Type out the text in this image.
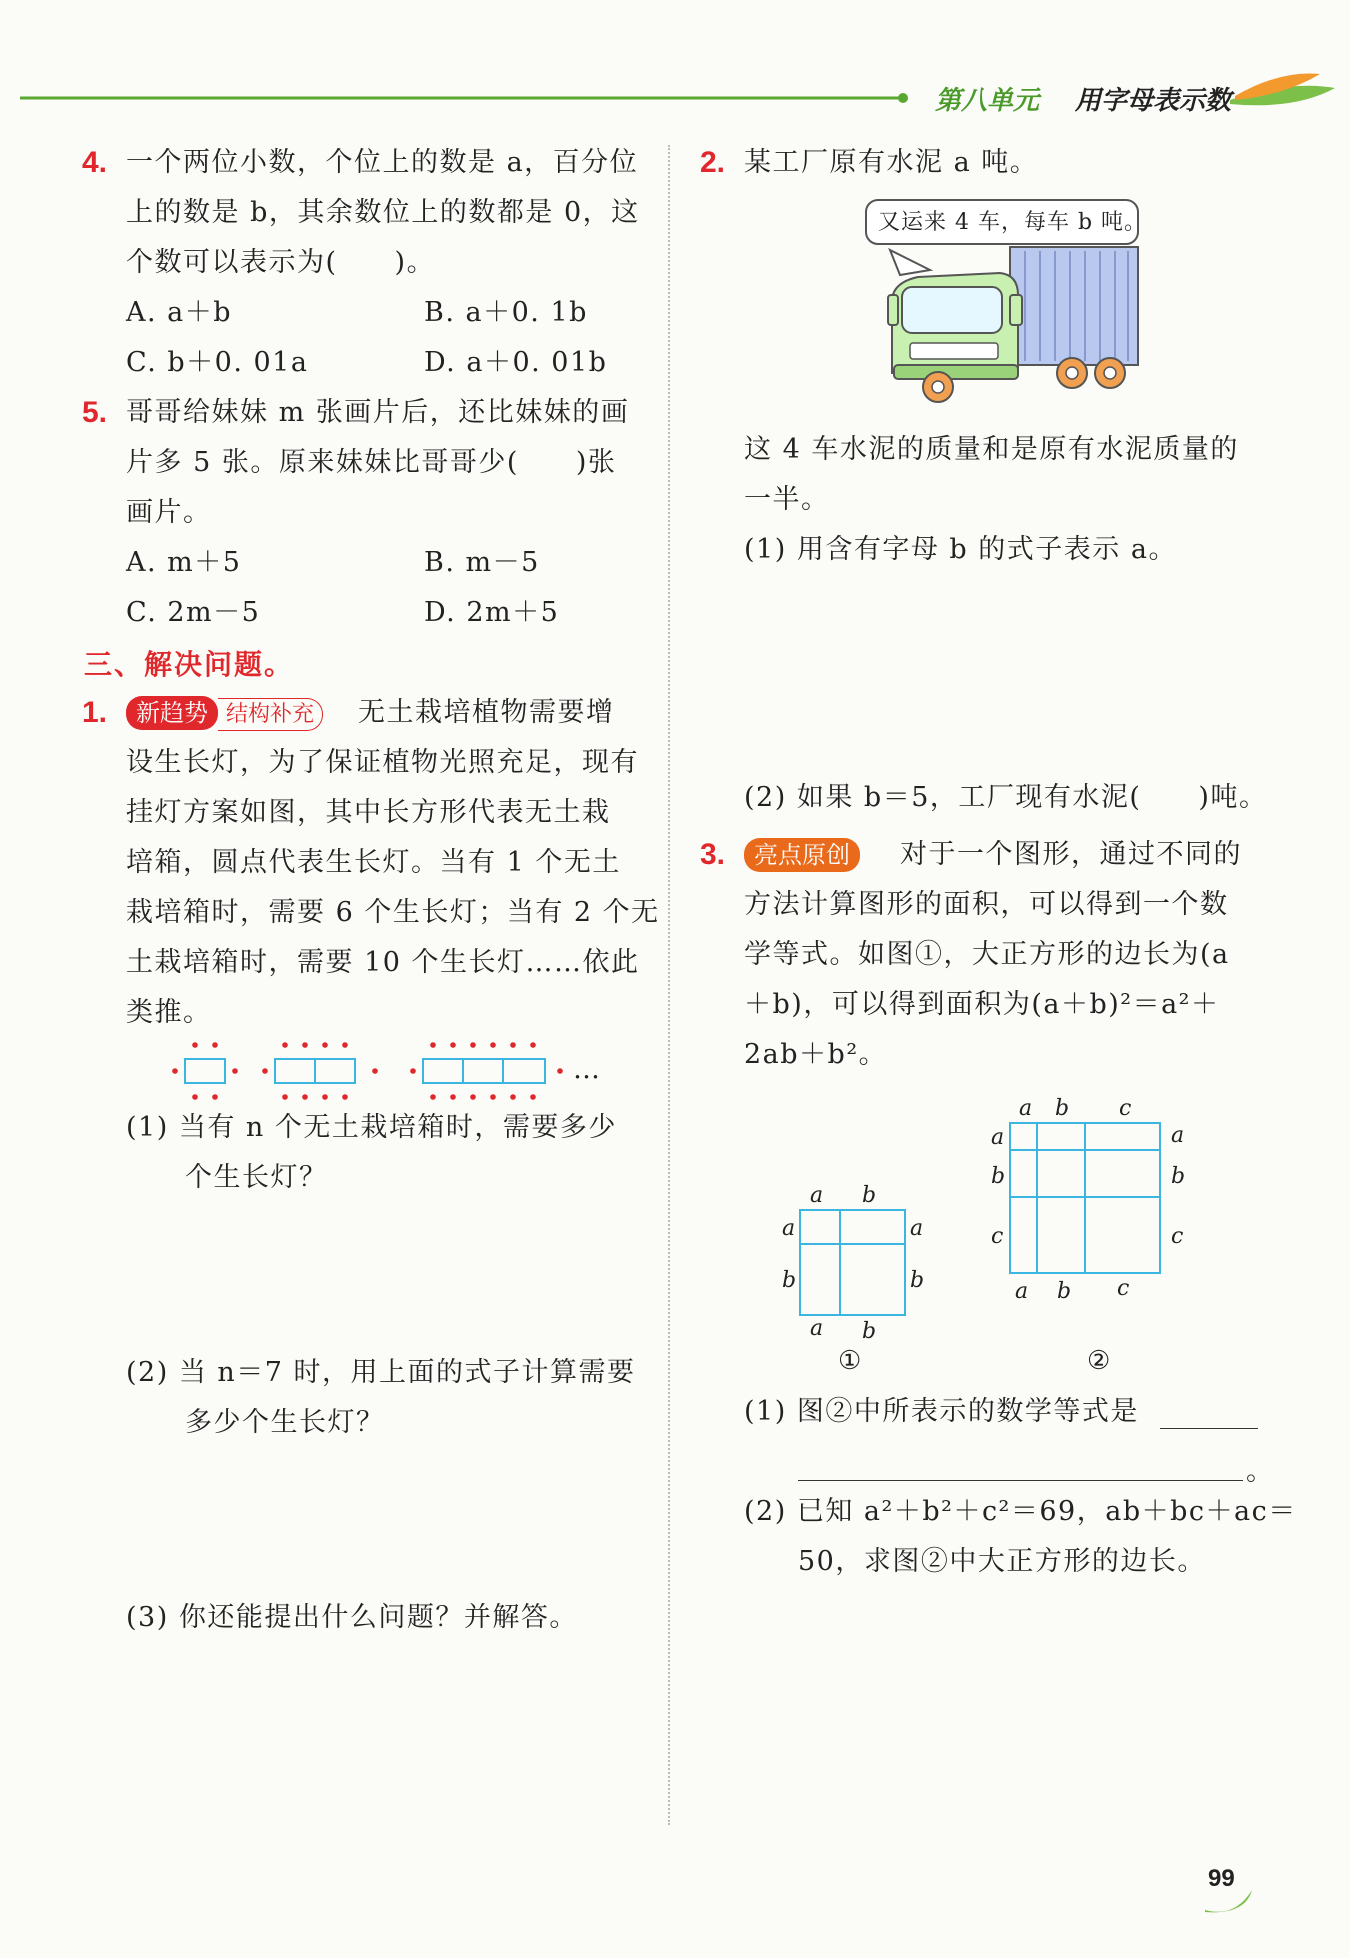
第八单元 用字母表示数
4. 一个两位小数，个位上的数是 a，百分位
上的数是 b，其余数位上的数都是 0，这
个数可以表示为(　　)。
A. a＋b	B. a＋0. 1b
C. b＋0. 01a	D. a＋0. 01b
5. 哥哥给妹妹 m 张画片后，还比妹妹的画
片多 5 张。原来妹妹比哥哥少(　　)张
画片。
A. m＋5	B. m－5
C. 2m－5	D. 2m＋5
三、解决问题。
1.	新趋势 结构补充	无土栽培植物需要增
设生长灯，为了保证植物光照充足，现有
挂灯方案如图，其中长方形代表无土栽
培箱，圆点代表生长灯。当有 1 个无土
栽培箱时，需要 6 个生长灯；当有 2 个无
土栽培箱时，需要 10 个生长灯……依此
类推。
…
(1) 当有 n 个无土栽培箱时，需要多少
个生长灯？
(2) 当 n＝7 时，用上面的式子计算需要
多少个生长灯？
(3) 你还能提出什么问题？并解答。
2. 某工厂原有水泥 a 吨。
又运来 4 车，每车 b 吨。
这 4 车水泥的质量和是原有水泥质量的
一半。
(1) 用含有字母 b 的式子表示 a。
(2) 如果 b＝5，工厂现有水泥(　　)吨。
3.	亮点原创	对于一个图形，通过不同的
方法计算图形的面积，可以得到一个数
学等式。如图①，大正方形的边长为(a
＋b)，可以得到面积为(a＋b)²＝a²＋
2ab＋b²。
a b
a
b
a
b
a b
①
a b c
a
b
c
a
b
c
a b c
②
(1) 图②中所表示的数学等式是
。
(2) 已知 a²＋b²＋c²＝69，ab＋bc＋ac＝
50，求图②中大正方形的边长。
99
